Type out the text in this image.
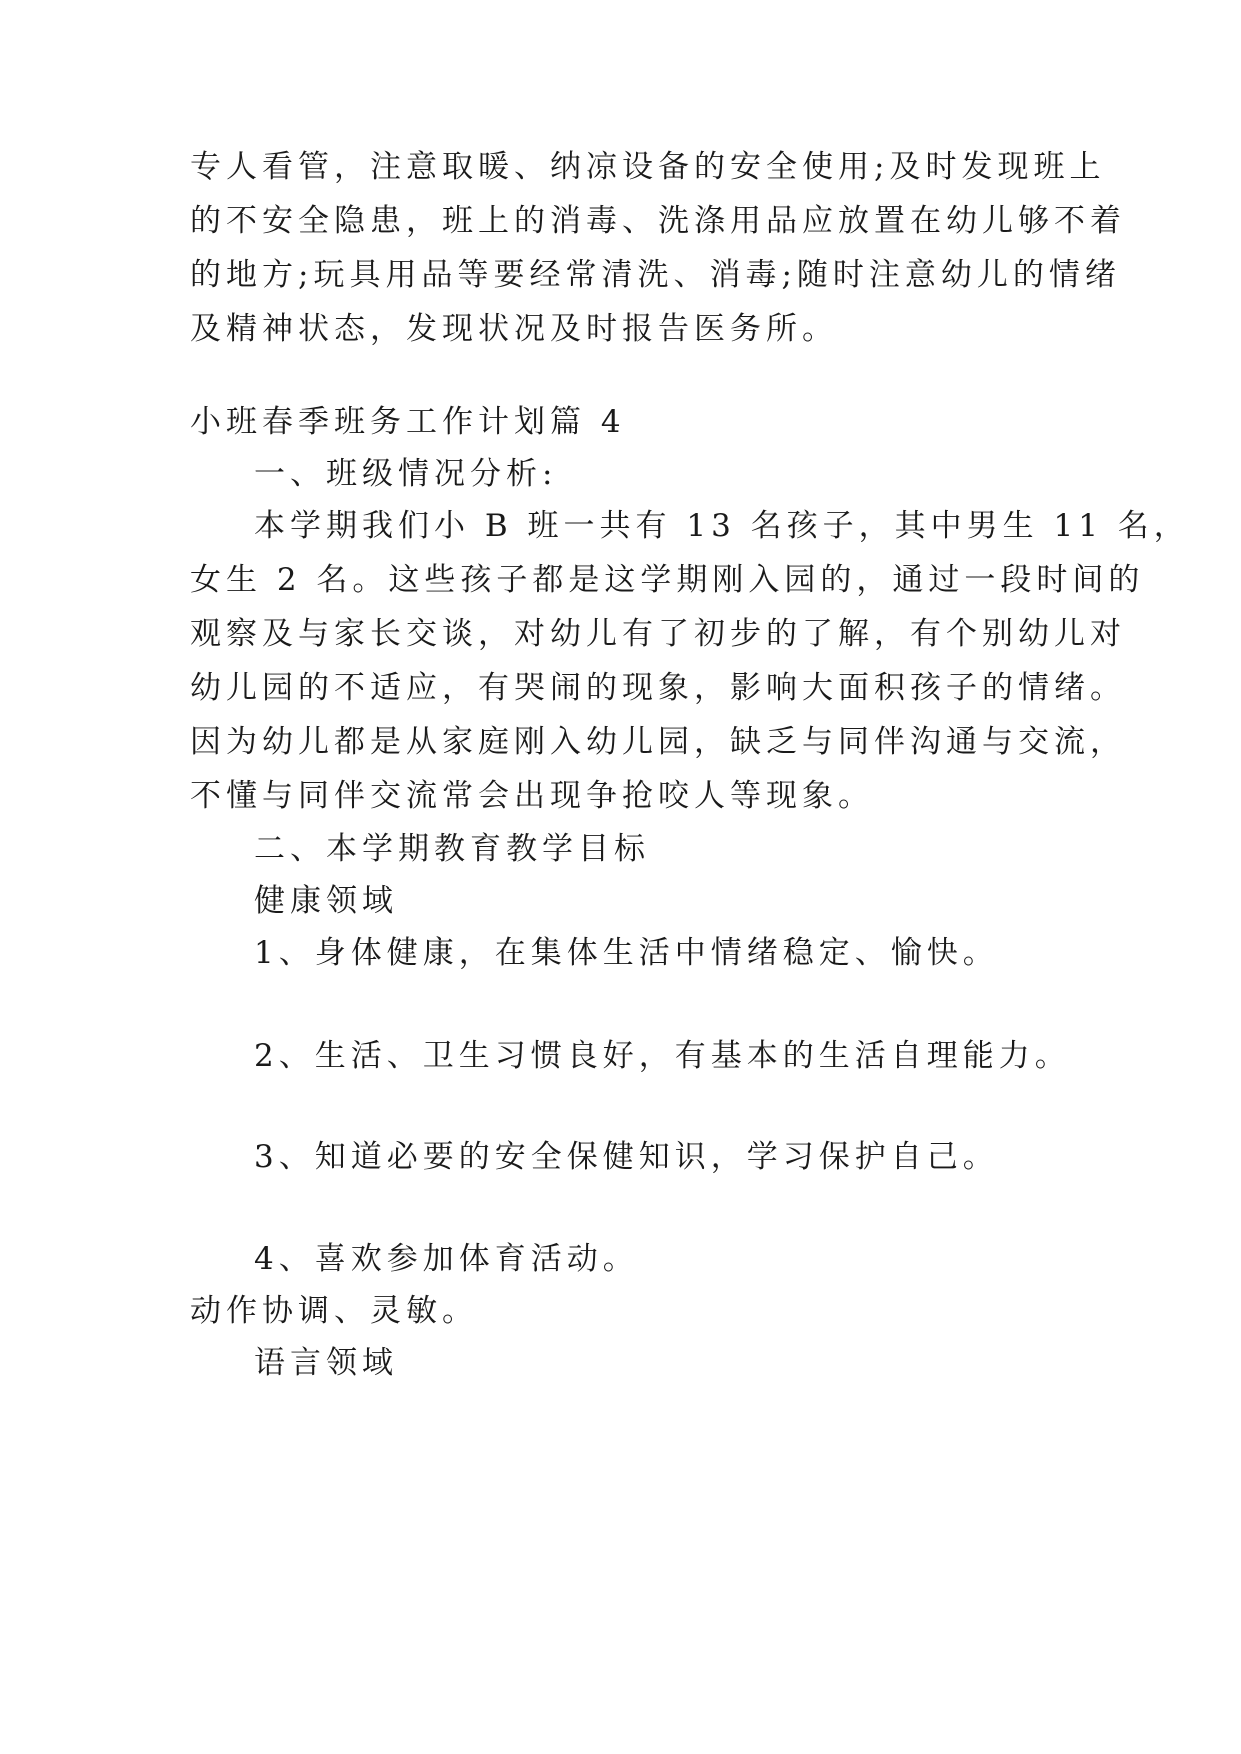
专人看管，注意取暖、纳凉设备的安全使用;及时发现班上
的不安全隐患，班上的消毒、洗涤用品应放置在幼儿够不着
的地方;玩具用品等要经常清洗、消毒;随时注意幼儿的情绪
及精神状态，发现状况及时报告医务所。
小班春季班务工作计划篇 4
一、班级情况分析:
本学期我们小 B 班一共有 13 名孩子，其中男生 11 名，
女生 2 名。这些孩子都是这学期刚入园的，通过一段时间的
观察及与家长交谈，对幼儿有了初步的了解，有个别幼儿对
幼儿园的不适应，有哭闹的现象，影响大面积孩子的情绪。
因为幼儿都是从家庭刚入幼儿园，缺乏与同伴沟通与交流，
不懂与同伴交流常会出现争抢咬人等现象。
二、本学期教育教学目标
健康领域
1、身体健康，在集体生活中情绪稳定、愉快。
2、生活、卫生习惯良好，有基本的生活自理能力。
3、知道必要的安全保健知识，学习保护自己。
4、喜欢参加体育活动。
动作协调、灵敏。
语言领域
